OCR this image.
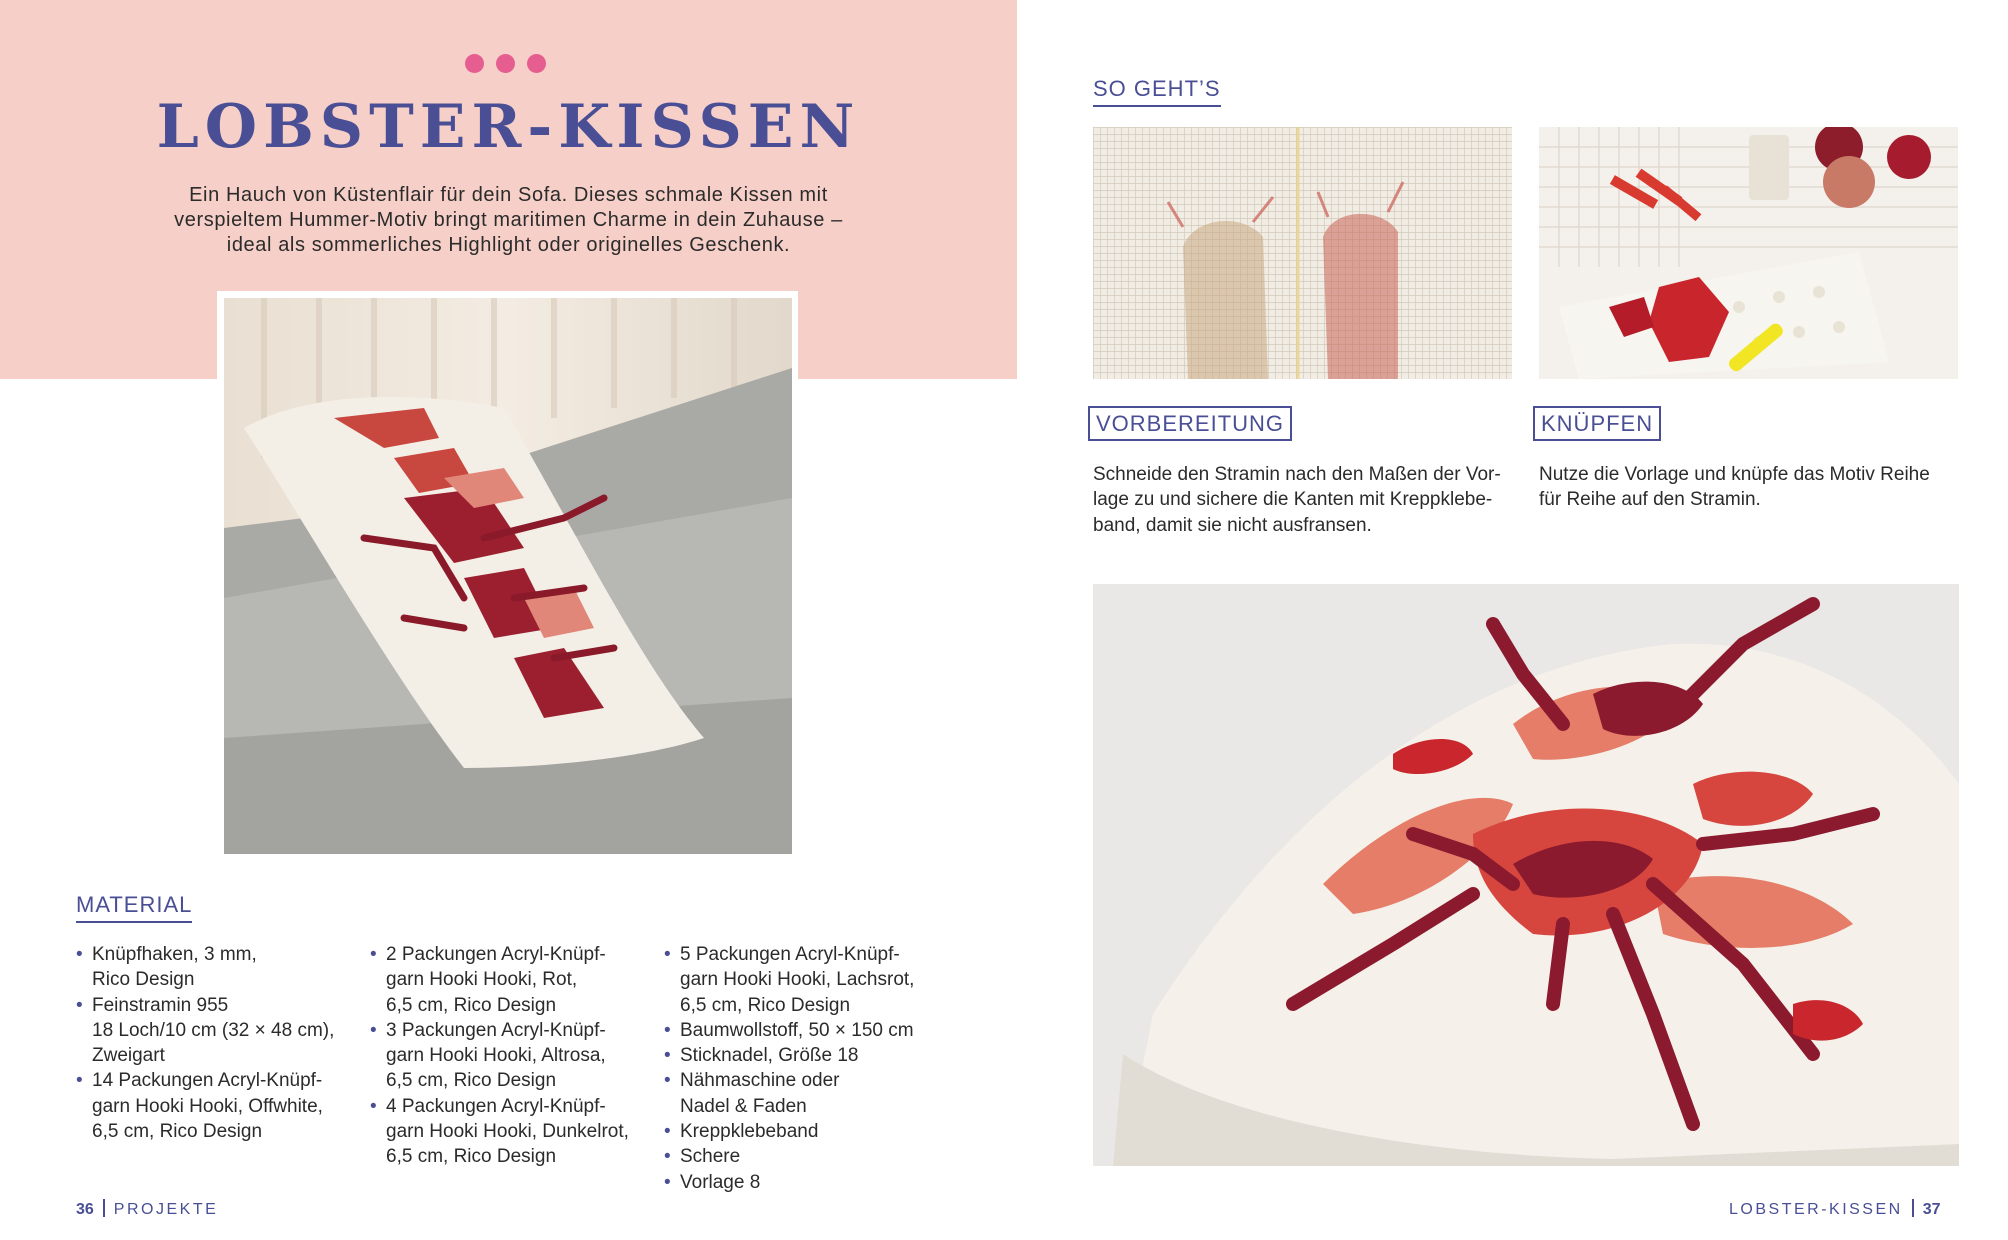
LOBSTER-KISSEN
Ein Hauch von Küstenflair für dein Sofa. Dieses schmale Kissen mit
verspieltem Hummer-Motiv bringt maritimen Charme in dein Zuhause –
ideal als sommerliches Highlight oder originelles Geschenk.
MATERIAL
• Knüpfhaken, 3 mm,
Rico Design
• Feinstramin 955
18 Loch/10 cm (32 × 48 cm),
Zweigart
• 14 Packungen Acryl-Knüpf-
garn Hooki Hooki, Offwhite,
6,5 cm, Rico Design
• 2 Packungen Acryl-Knüpf-
garn Hooki Hooki, Rot,
6,5 cm, Rico Design
• 3 Packungen Acryl-Knüpf-
garn Hooki Hooki, Altrosa,
6,5 cm, Rico Design
• 4 Packungen Acryl-Knüpf-
garn Hooki Hooki, Dunkelrot,
6,5 cm, Rico Design
• 5 Packungen Acryl-Knüpf-
garn Hooki Hooki, Lachsrot,
6,5 cm, Rico Design
• Baumwollstoff, 50 × 150 cm
• Sticknadel, Größe 18
• Nähmaschine oder
Nadel & Faden
• Kreppklebeband
• Schere
• Vorlage 8
36 PROJEKTE
SO GEHT’S
VORBEREITUNG	KNÜPFEN
Schneide den Stramin nach den Maßen der Vor-
lage zu und sichere die Kanten mit Kreppklebe-
band, damit sie nicht ausfransen.
Nutze die Vorlage und knüpfe das Motiv Reihe
für Reihe auf den Stramin.
LOBSTER-KISSEN 37
